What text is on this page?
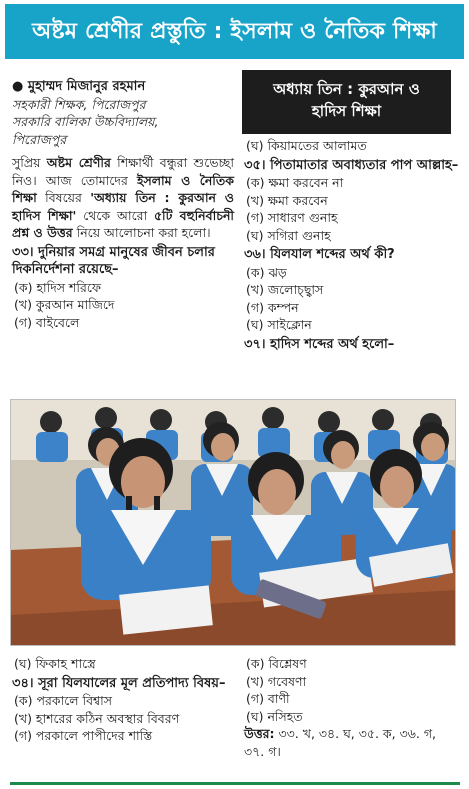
অষ্টম শ্রেণীর প্রস্তুতি : ইসলাম ও নৈতিক শিক্ষা

● মুহাম্মদ মিজানুর রহমান

সহকারী শিক্ষক, পিরোজপুর

সরকারি বালিকা উচ্চবিদ্যালয়,

পিরোজপুর

সুপ্রিয় অষ্টম শ্রেণীর শিক্ষার্থী বন্ধুরা শুভেচ্ছা নিও। আজ তোমাদের ইসলাম ও নৈতিক শিক্ষা বিষয়ের 'অধ্যায় তিন : কুরআন ও হাদিস শিক্ষা' থেকে আরো ৫টি বহুনির্বাচনী প্রশ্ন ও উত্তর নিয়ে আলোচনা করা হলো।

৩৩। দুনিয়ার সমগ্র মানুষের জীবন চলার দিকনির্দেশনা রয়েছে–

(ক) হাদিস শরিফে

(খ) কুরআন মাজিদে

(গ) বাইবেলে

অধ্যায় তিন : কুরআন ও
হাদিস শিক্ষা

(ঘ) কিয়ামতের আলামত

৩৫। পিতামাতার অবাধ্যতার পাপ আল্লাহ–

(ক) ক্ষমা করবেন না

(খ) ক্ষমা করবেন

(গ) সাধারণ গুনাহ

(ঘ) সগিরা গুনাহ

৩৬। যিলযাল শব্দের অর্থ কী?

(ক) ঝড়

(খ) জলোচ্ছ্বাস

(গ) কম্পন

(ঘ) সাইক্লোন

৩৭। হাদিস শব্দের অর্থ হলো–

(ঘ) ফিকাহ শাস্ত্রে

৩৪। সূরা যিলযালের মূল প্রতিপাদ্য বিষয়–

(ক) পরকালে বিশ্বাস

(খ) হাশরের কঠিন অবস্থার বিবরণ

(গ) পরকালে পাপীদের শাস্তি

(ক) বিশ্লেষণ

(খ) গবেষণা

(গ) বাণী

(ঘ) নসিহত

উত্তর: ৩৩. খ, ৩৪. ঘ, ৩৫. ক, ৩৬. গ, ৩৭. গ।
